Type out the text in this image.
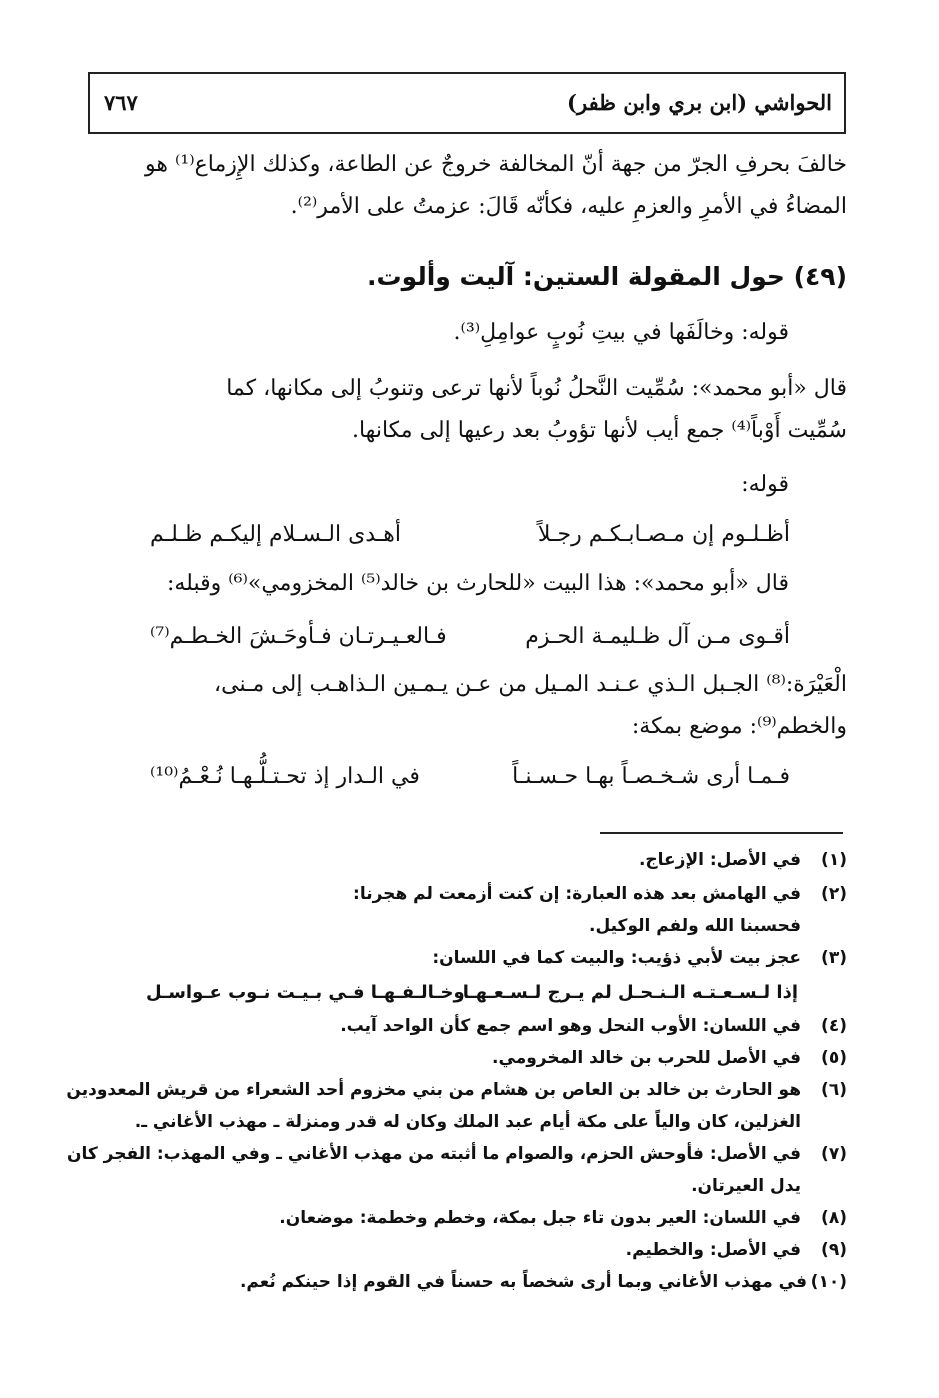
الحواشي (ابن بري وابن ظفر)
٧٦٧
خالفَ بحرفِ الجرّ من جهة أنّ المخالفة خروجٌ عن الطاعة، وكذلك الإِزماع⁽¹⁾ هو
المضاءُ في الأمرِ والعزمِ عليه، فكأنّه قَالَ: عزمتُ على الأمر⁽²⁾.
(٤٩) حول المقولة الستين: آليت وألوت.
قوله: وخالَفَها في بيتِ نُوبٍ عوامِلِ⁽³⁾.
قال «أبو محمد»: سُمِّيت النَّحلُ نُوباً لأنها ترعى وتنوبُ إلى مكانها، كما
سُمِّيت أَوْباً⁽⁴⁾ جمع أيب لأنها تؤوبُ بعد رعيها إلى مكانها.
قوله:
أظـلـوم إن مـصـابـكـم رجـلاً
أهـدى الـسـلام إليكـم ظـلـم
قال «أبو محمد»: هذا البيت «للحارث بن خالد⁽⁵⁾ المخزومي»⁽⁶⁾ وقبله:
أقـوى مـن آل ظـليمـة الحـزم
فـالعـيـرتـان فـأوحَـشَ الخـطـم⁽⁷⁾
الْعَيْرَة:⁽⁸⁾ الجـبل الـذي عـنـد المـيل من عـن يـمـين الـذاهـب إلى مـنى،
والخطم⁽⁹⁾: موضع بمكة:
فـمـا أرى شـخـصـاً بهـا حـسـنـاً
في الـدار إذ تحـتـلُّـهـا نُـعْـمُ⁽¹⁰⁾
(١)
في الأصل: الإزعاج.
(٢)
في الهامش بعد هذه العبارة: إن كنت أزمعت لم هجرنا:
فحسبنا الله ولفم الوكيل.
(٣)
عجز بيت لأبي ذؤيب: والبيت كما في اللسان:
إذا لـسـعـتـه الـنـحـل لم يـرج لـسـعـهـا
وخـالـفـهـا فـي بـيـت نـوب عـواسـل
(٤)
في اللسان: الأوب النحل وهو اسم جمع كأن الواحد آيب.
(٥)
في الأصل للحرب بن خالد المخرومي.
(٦)
هو الحارث بن خالد بن العاص بن هشام من بني مخزوم أحد الشعراء من قريش المعدودين
الغزلين، كان والياً على مكة أيام عبد الملك وكان له قدر ومنزلة ـ مهذب الأغاني ـ.
(٧)
في الأصل: فأوحش الحزم، والصوام ما أثبته من مهذب الأغاني ـ وفي المهذب: الفجر كان
يدل العيرتان.
(٨)
في اللسان: العير بدون تاء جبل بمكة، وخطم وخطمة: موضعان.
(٩)
في الأصل: والخطيم.
(١٠)
في مهذب الأغاني وبما أرى شخصاً به حسناً في القوم إذا حينكم نُعم.
